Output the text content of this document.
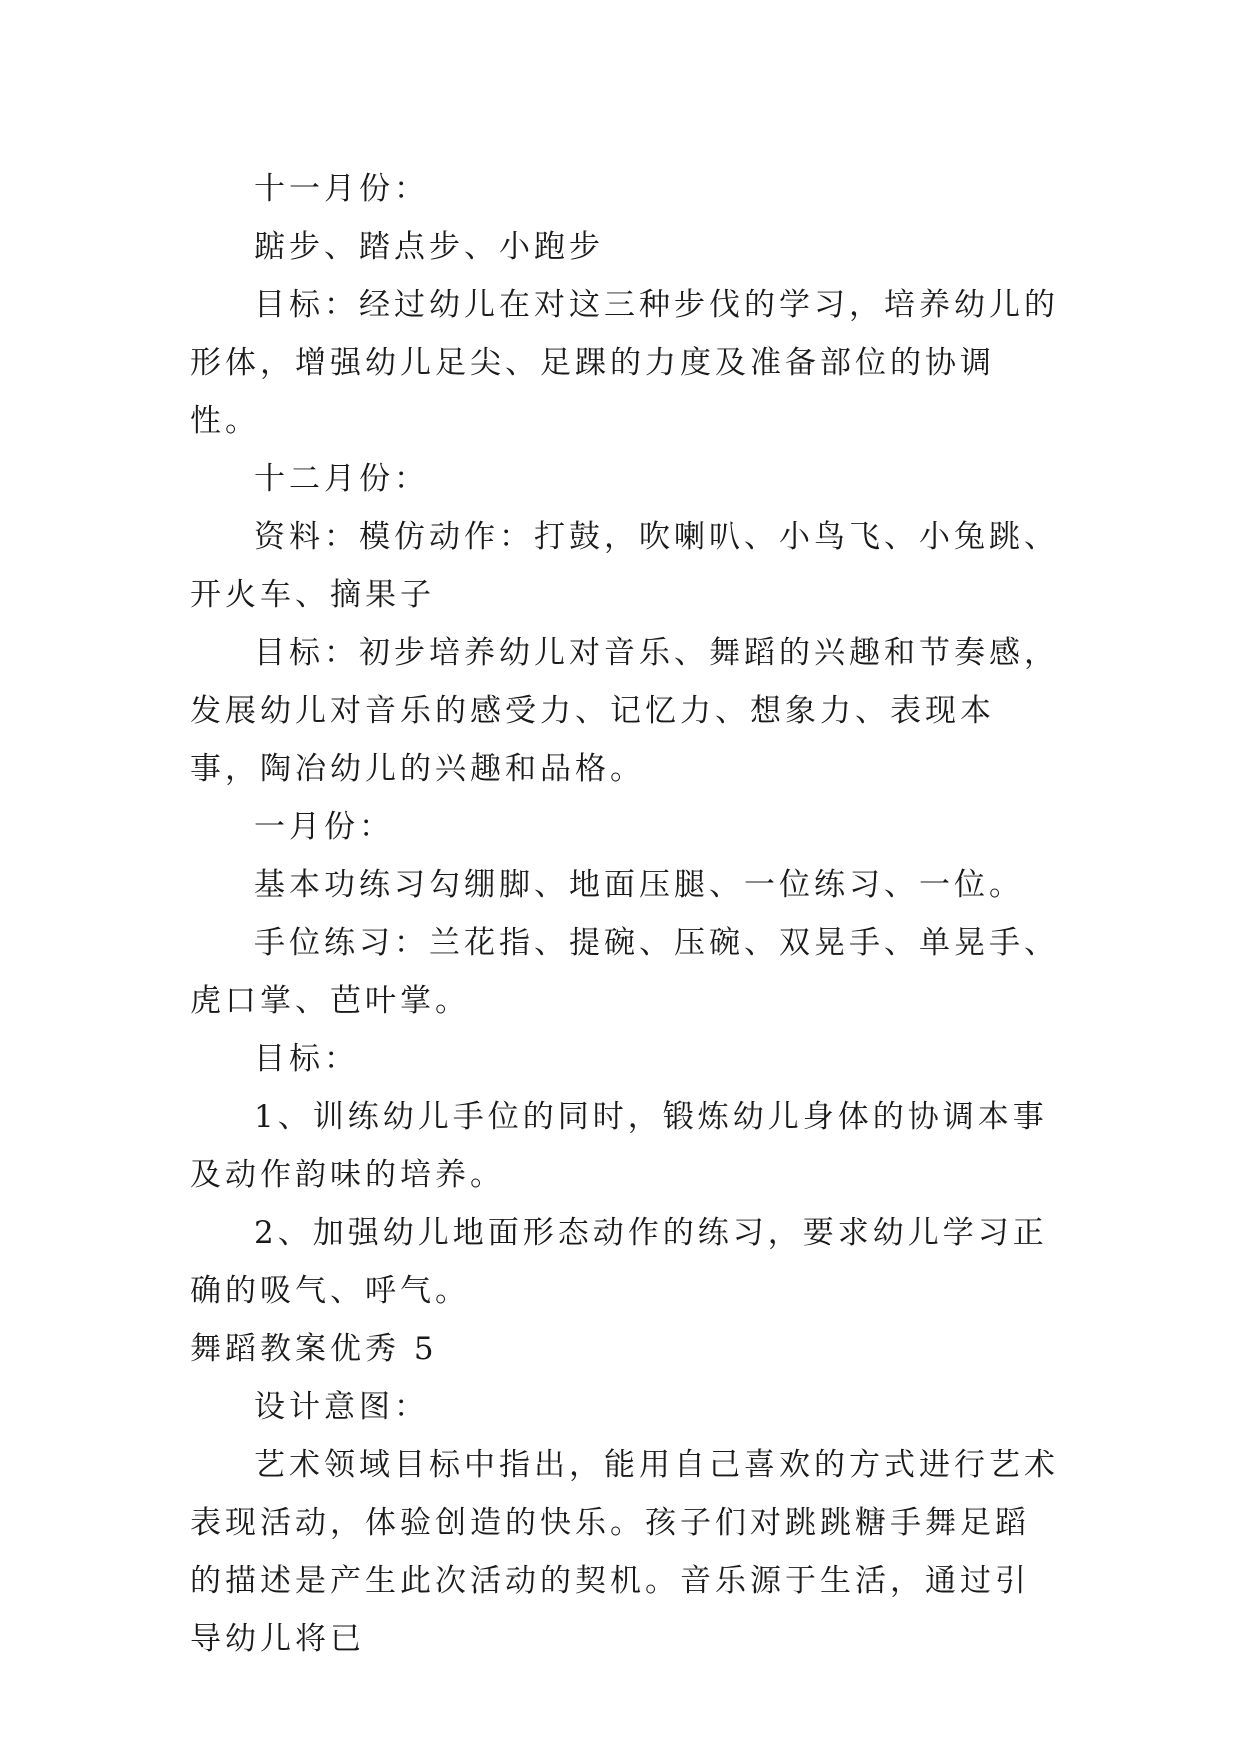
十一月份：

踮步、踏点步、小跑步

目标：经过幼儿在对这三种步伐的学习，培养幼儿的形体，增强幼儿足尖、足踝的力度及准备部位的协调性。

十二月份：

资料：模仿动作：打鼓，吹喇叭、小鸟飞、小兔跳、开火车、摘果子

目标：初步培养幼儿对音乐、舞蹈的兴趣和节奏感，发展幼儿对音乐的感受力、记忆力、想象力、表现本事，陶冶幼儿的兴趣和品格。

一月份：

基本功练习勾绷脚、地面压腿、一位练习、一位。

手位练习：兰花指、提碗、压碗、双晃手、单晃手、虎口掌、芭叶掌。

目标：

1、训练幼儿手位的同时，锻炼幼儿身体的协调本事及动作韵味的培养。

2、加强幼儿地面形态动作的练习，要求幼儿学习正确的吸气、呼气。

舞蹈教案优秀 5

设计意图：

艺术领域目标中指出，能用自己喜欢的方式进行艺术表现活动，体验创造的快乐。孩子们对跳跳糖手舞足蹈的描述是产生此次活动的契机。音乐源于生活，通过引导幼儿将已
